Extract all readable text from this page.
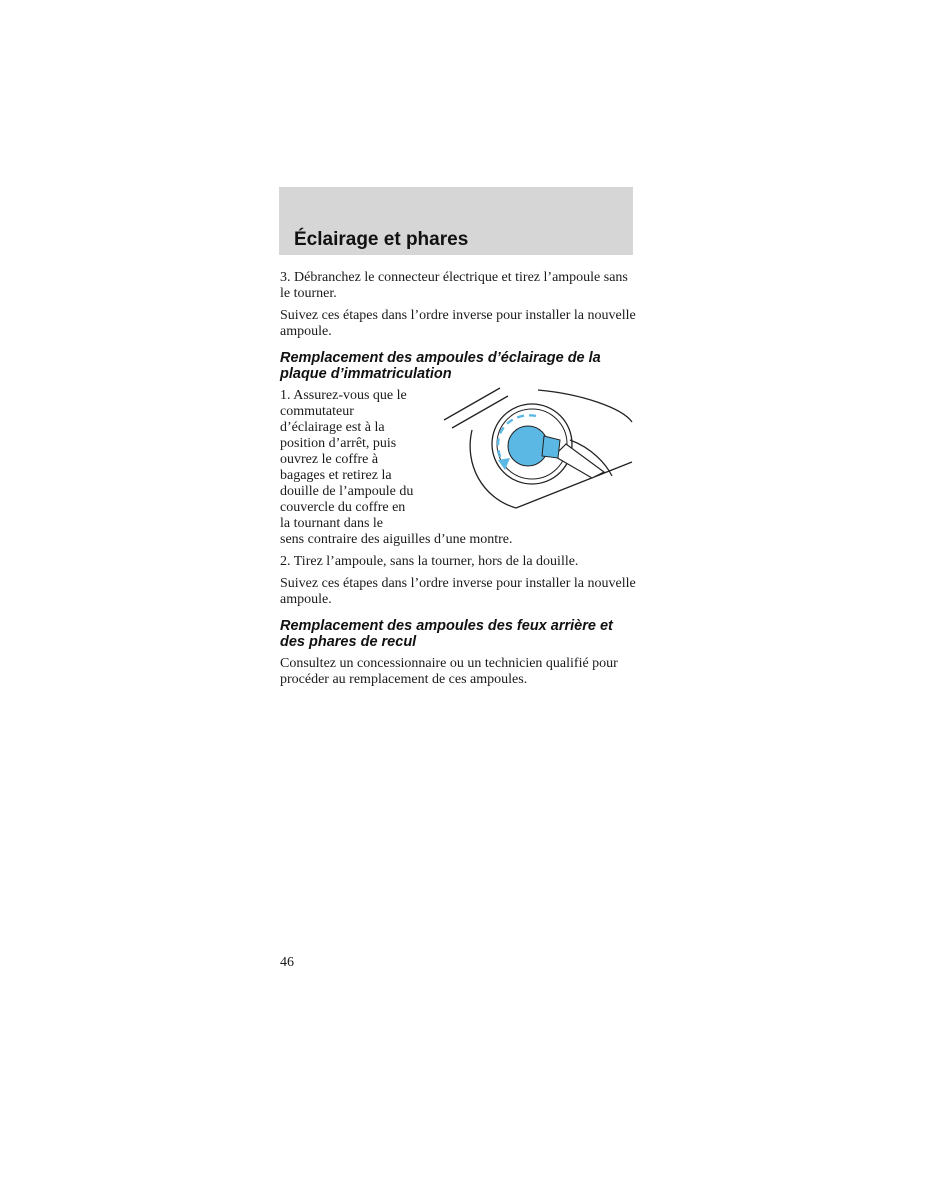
Éclairage et phares

3. Débranchez le connecteur électrique et tirez l’ampoule sans le tourner.

Suivez ces étapes dans l’ordre inverse pour installer la nouvelle ampoule.

Remplacement des ampoules d’éclairage de la plaque d’immatriculation
1. Assurez-vous que le
commutateur
d’éclairage est à la
position d’arrêt, puis
ouvrez le coffre à
bagages et retirez la
douille de l’ampoule du
couvercle du coffre en
la tournant dans le

sens contraire des aiguilles d’une montre.

2. Tirez l’ampoule, sans la tourner, hors de la douille.

Suivez ces étapes dans l’ordre inverse pour installer la nouvelle ampoule.

Remplacement des ampoules des feux arrière et des phares de recul

Consultez un concessionnaire ou un technicien qualifié pour procéder au remplacement de ces ampoules.

46
